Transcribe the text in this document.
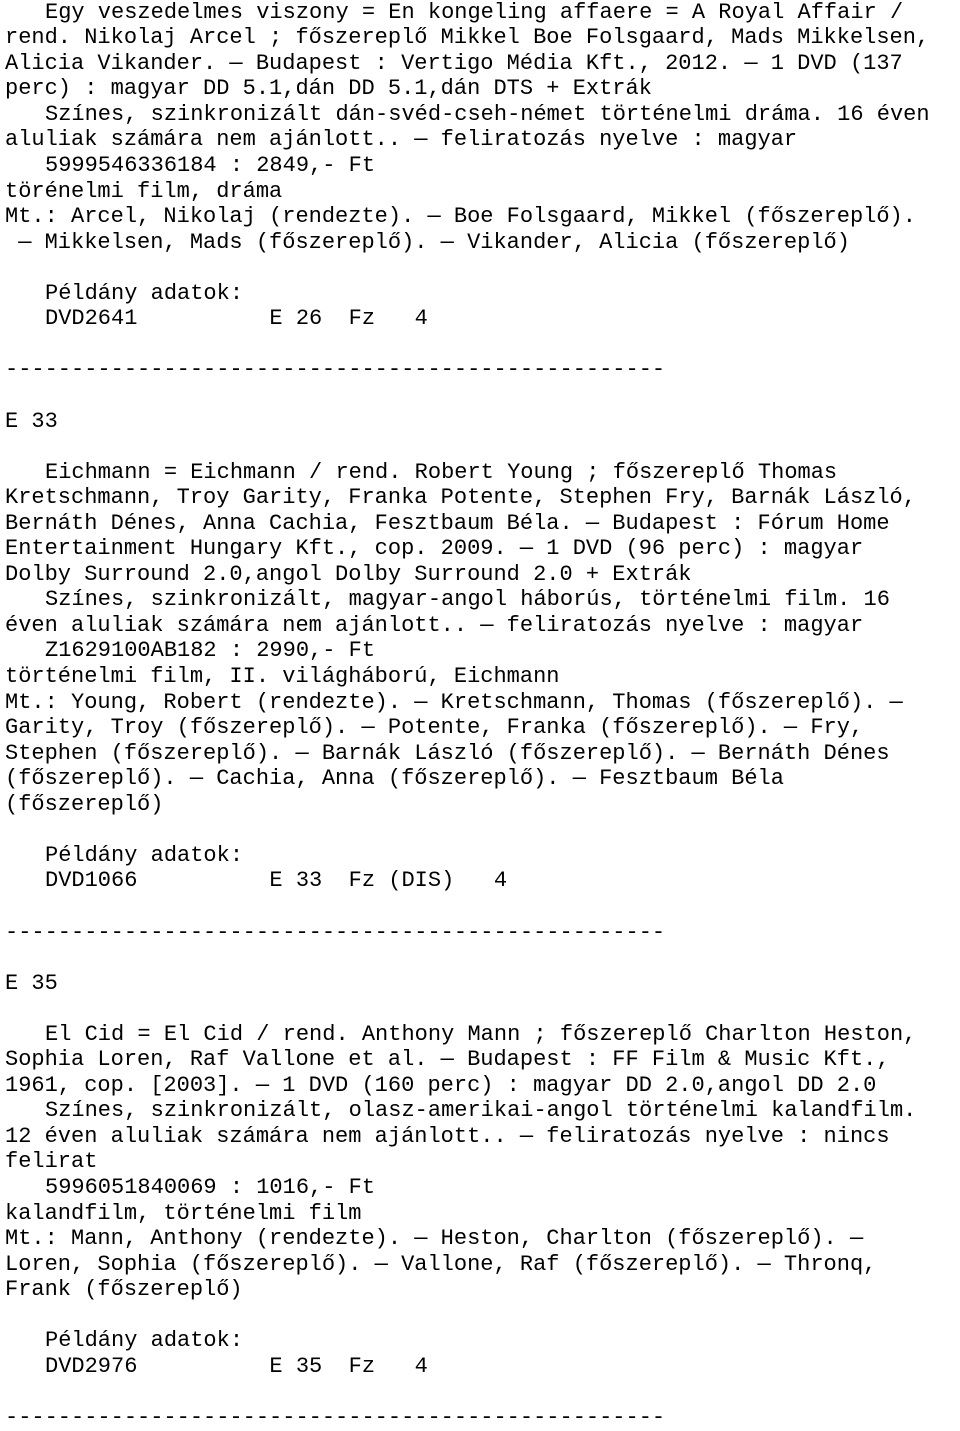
Egy veszedelmes viszony = En kongeling affaere = A Royal Affair /
rend. Nikolaj Arcel ; főszereplő Mikkel Boe Folsgaard, Mads Mikkelsen,
Alicia Vikander. — Budapest : Vertigo Média Kft., 2012. — 1 DVD (137
perc) : magyar DD 5.1,dán DD 5.1,dán DTS + Extrák
Színes, szinkronizált dán-svéd-cseh-német történelmi dráma. 16 éven
aluliak számára nem ajánlott.. — feliratozás nyelve : magyar
5999546336184 : 2849,- Ft
törénelmi film, dráma
Mt.: Arcel, Nikolaj (rendezte). — Boe Folsgaard, Mikkel (főszereplő).
— Mikkelsen, Mads (főszereplő). — Vikander, Alicia (főszereplő)
Példány adatok:
DVD2641          E 26  Fz   4
--------------------------------------------------
E 33
Eichmann = Eichmann / rend. Robert Young ; főszereplő Thomas
Kretschmann, Troy Garity, Franka Potente, Stephen Fry, Barnák László,
Bernáth Dénes, Anna Cachia, Fesztbaum Béla. — Budapest : Fórum Home
Entertainment Hungary Kft., cop. 2009. — 1 DVD (96 perc) : magyar
Dolby Surround 2.0,angol Dolby Surround 2.0 + Extrák
Színes, szinkronizált, magyar-angol háborús, történelmi film. 16
éven aluliak számára nem ajánlott.. — feliratozás nyelve : magyar
Z1629100AB182 : 2990,- Ft
történelmi film, II. világháború, Eichmann
Mt.: Young, Robert (rendezte). — Kretschmann, Thomas (főszereplő). —
Garity, Troy (főszereplő). — Potente, Franka (főszereplő). — Fry,
Stephen (főszereplő). — Barnák László (főszereplő). — Bernáth Dénes
(főszereplő). — Cachia, Anna (főszereplő). — Fesztbaum Béla
(főszereplő)
Példány adatok:
DVD1066          E 33  Fz (DIS)   4
--------------------------------------------------
E 35
El Cid = El Cid / rend. Anthony Mann ; főszereplő Charlton Heston,
Sophia Loren, Raf Vallone et al. — Budapest : FF Film & Music Kft.,
1961, cop. [2003]. — 1 DVD (160 perc) : magyar DD 2.0,angol DD 2.0
Színes, szinkronizált, olasz-amerikai-angol történelmi kalandfilm.
12 éven aluliak számára nem ajánlott.. — feliratozás nyelve : nincs
felirat
5996051840069 : 1016,- Ft
kalandfilm, történelmi film
Mt.: Mann, Anthony (rendezte). — Heston, Charlton (főszereplő). —
Loren, Sophia (főszereplő). — Vallone, Raf (főszereplő). — Thronq,
Frank (főszereplő)
Példány adatok:
DVD2976          E 35  Fz   4
--------------------------------------------------
